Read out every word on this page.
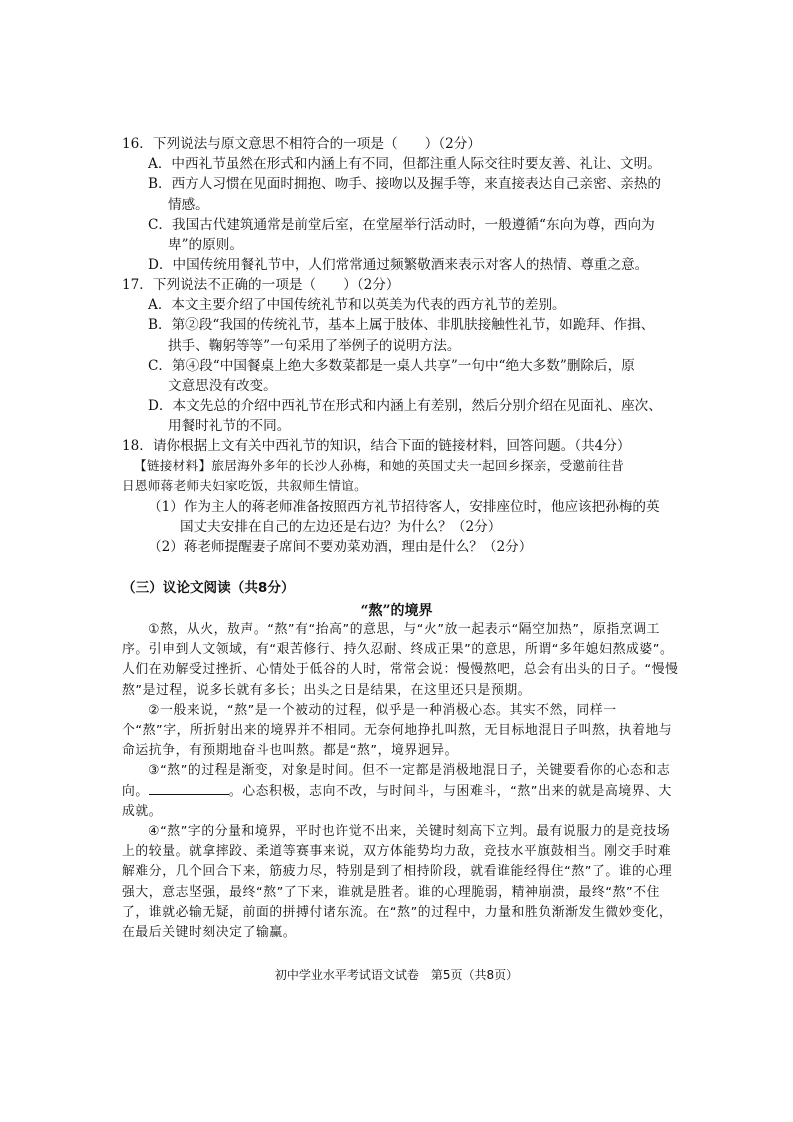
16．下列说法与原文意思不相符合的一项是（　　）（2分）
A．中西礼节虽然在形式和内涵上有不同，但都注重人际交往时要友善、礼让、文明。
B．西方人习惯在见面时拥抱、吻手、接吻以及握手等，来直接表达自己亲密、亲热的
情感。
C．我国古代建筑通常是前堂后室，在堂屋举行活动时，一般遵循“东向为尊，西向为
卑”的原则。
D．中国传统用餐礼节中，人们常常通过频繁敬酒来表示对客人的热情、尊重之意。
17．下列说法不正确的一项是（　　）（2分）
A．本文主要介绍了中国传统礼节和以英美为代表的西方礼节的差别。
B．第②段“我国的传统礼节，基本上属于肢体、非肌肤接触性礼节，如跪拜、作揖、
拱手、鞠躬等等”一句采用了举例子的说明方法。
C．第④段“中国餐桌上绝大多数菜都是一桌人共享”一句中“绝大多数”删除后，原
文意思没有改变。
D．本文先总的介绍中西礼节在形式和内涵上有差别，然后分别介绍在见面礼、座次、
用餐时礼节的不同。
18．请你根据上文有关中西礼节的知识，结合下面的链接材料，回答问题。（共4分）
【链接材料】旅居海外多年的长沙人孙梅，和她的英国丈夫一起回乡探亲，受邀前往昔
日恩师蒋老师夫妇家吃饭，共叙师生情谊。
（1）作为主人的蒋老师准备按照西方礼节招待客人，安排座位时，他应该把孙梅的英
国丈夫安排在自己的左边还是右边？为什么？（2分）
（2）蒋老师提醒妻子席间不要劝菜劝酒，理由是什么？（2分）
（三）议论文阅读（共8分）
“熬”的境界
①熬，从火，敖声。“熬”有“抬高”的意思，与“火”放一起表示“隔空加热”，原指烹调工序。引申到人文领域，有“艰苦修行、持久忍耐、终成正果”的意思，所谓“多年媳妇熬成婆”。人们在劝解受过挫折、心情处于低谷的人时，常常会说：慢慢熬吧，总会有出头的日子。“慢慢熬”是过程，说多长就有多长；出头之日是结果，在这里还只是预期。
②一般来说，“熬”是一个被动的过程，似乎是一种消极心态。其实不然，同样一个“熬”字，所折射出来的境界并不相同。无奈何地挣扎叫熬，无目标地混日子叫熬，执着地与命运抗争，有预期地奋斗也叫熬。都是“熬”，境界迥异。
③“熬”的过程是渐变，对象是时间。但不一定都是消极地混日子，关键要看你的心态和志向。	。心态积极，志向不改，与时间斗，与困难斗，“熬”出来的就是高境界、大成就。
④“熬”字的分量和境界，平时也许觉不出来，关键时刻高下立判。最有说服力的是竞技场上的较量。就拿摔跤、柔道等赛事来说，双方体能势均力敌，竞技水平旗鼓相当。刚交手时难解难分，几个回合下来，筋疲力尽，特别是到了相持阶段，就看谁能经得住“熬”了。谁的心理强大，意志坚强，最终“熬”了下来，谁就是胜者。谁的心理脆弱，精神崩溃，最终“熬”不住了，谁就必输无疑，前面的拼搏付诸东流。在“熬”的过程中，力量和胜负渐渐发生微妙变化，在最后关键时刻决定了输赢。
初中学业水平考试语文试卷　第5页（共8页）
